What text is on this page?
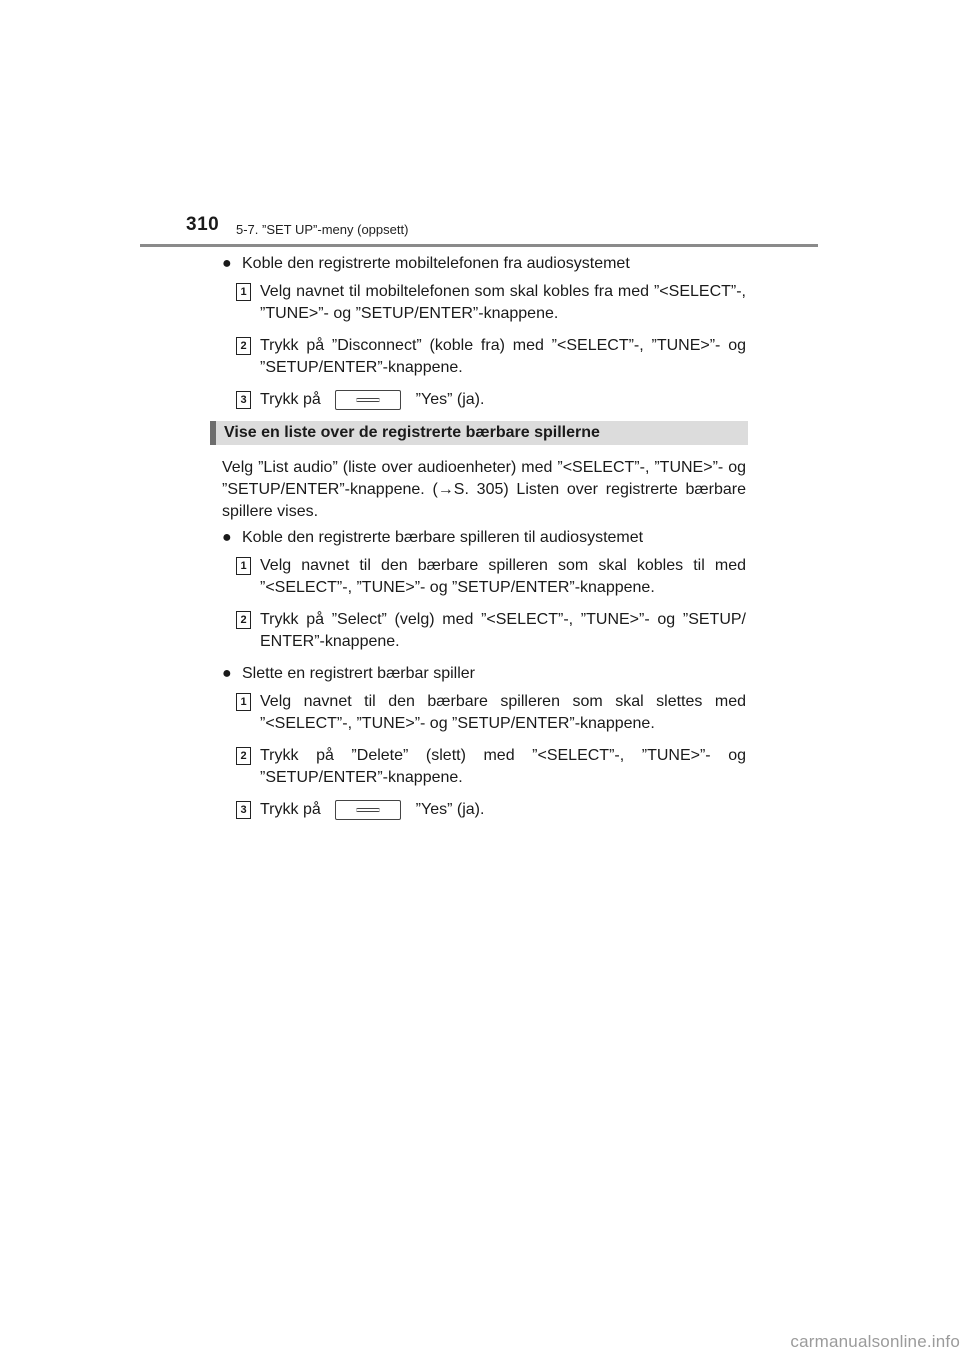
310 5-7. ”SET UP”-meny (oppsett)
● Koble den registrerte mobiltelefonen fra audiosystemet
1 Velg navnet til mobiltelefonen som skal kobles fra med ”<SELECT”-, ”TUNE>”- og ”SETUP/ENTER”-knappene.
2 Trykk på ”Disconnect” (koble fra) med ”<SELECT”-, ”TUNE>”- og ”SETUP/ENTER”-knappene.
3 Trykk på	”Yes” (ja).
Vise en liste over de registrerte bærbare spillerne
Velg ”List audio” (liste over audioenheter) med ”<SELECT”-, ”TUNE>”- og ”SETUP/ENTER”-knappene. (→S. 305) Listen over registrerte bærbare spillere vises.
● Koble den registrerte bærbare spilleren til audiosystemet
1 Velg navnet til den bærbare spilleren som skal kobles til med ”<SELECT”-, ”TUNE>”- og ”SETUP/ENTER”-knappene.
2 Trykk på ”Select” (velg) med ”<SELECT”-, ”TUNE>”- og ”SETUP/ ENTER”-knappene.
● Slette en registrert bærbar spiller
1 Velg navnet til den bærbare spilleren som skal slettes med ”<SELECT”-, ”TUNE>”- og ”SETUP/ENTER”-knappene.
2 Trykk på ”Delete” (slett) med ”<SELECT”-, ”TUNE>”- og ”SETUP/ENTER”-knappene.
3 Trykk på	”Yes” (ja).
carmanualsonline.info
